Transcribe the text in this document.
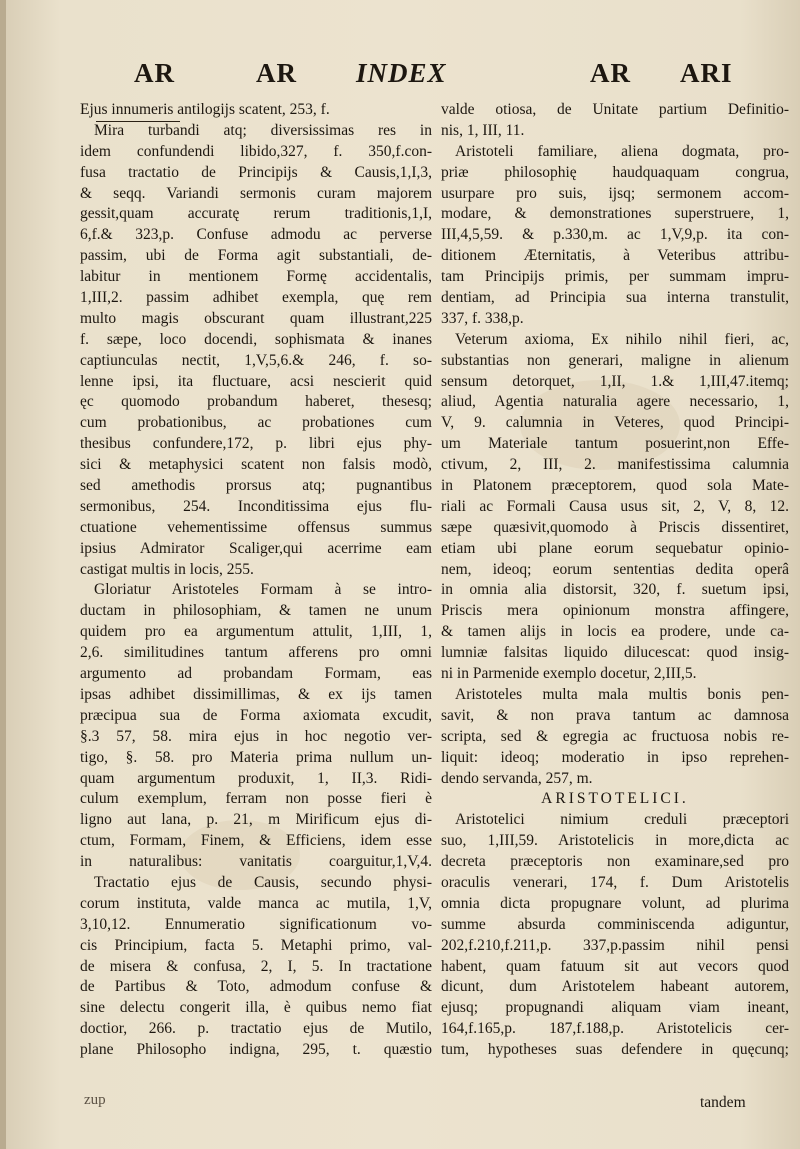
AR	AR INDEX	AR ARI
Ejus innumeris antilogijs scatent, 253, f.
Mira turbandi atq; diversissimas res in
idem confundendi libido,327, f. 350,f.con-
fusa tractatio de Principijs & Causis,1,I,3,
& seqq. Variandi sermonis curam majorem
gessit,quam accuratę rerum traditionis,1,I,
6,f.& 323,p. Confuse admodu ac perverse
passim, ubi de Forma agit substantiali, de-
labitur in mentionem Formę accidentalis,
1,III,2. passim adhibet exempla, quę rem
multo magis obscurant quam illustrant,225
f. sæpe, loco docendi, sophismata & inanes
captiunculas nectit, 1,V,5,6.& 246, f. so-
lenne ipsi, ita fluctuare, acsi nescierit quid
ęc quomodo probandum haberet, thesesq;
cum probationibus, ac probationes cum
thesibus confundere,172, p. libri ejus phy-
sici & metaphysici scatent non falsis modò,
sed amethodis prorsus atq; pugnantibus
sermonibus, 254. Inconditissima ejus flu-
ctuatione vehementissime offensus summus
ipsius Admirator Scaliger,qui acerrime eam
castigat multis in locis, 255.
Gloriatur Aristoteles Formam à se intro-
ductam in philosophiam, & tamen ne unum
quidem pro ea argumentum attulit, 1,III, 1,
2,6. similitudines tantum afferens pro omni
argumento ad probandam Formam, eas
ipsas adhibet dissimillimas, & ex ijs tamen
præcipua sua de Forma axiomata excudit,
§.3 57, 58. mira ejus in hoc negotio ver-
tigo, §. 58. pro Materia prima nullum un-
quam argumentum produxit, 1, II,3. Ridi-
culum exemplum, ferram non posse fieri è
ligno aut lana, p. 21, m Mirificum ejus di-
ctum, Formam, Finem, & Efficiens, idem esse
in naturalibus: vanitatis coarguitur,1,V,4.
Tractatio ejus de Causis, secundo physi-
corum instituta, valde manca ac mutila, 1,V,
3,10,12. Ennumeratio significationum vo-
cis Principium, facta 5. Metaphi primo, val-
de misera & confusa, 2, I, 5. In tractatione
de Partibus & Toto, admodum confuse &
sine delectu congerit illa, è quibus nemo fiat
doctior, 266. p. tractatio ejus de Mutilo,
plane Philosopho indigna, 295, t. quæstio
valde otiosa, de Unitate partium Definitio-
nis, 1, III, 11.
Aristoteli familiare, aliena dogmata, pro-
priæ philosophię haudquaquam congrua,
usurpare pro suis, ijsq; sermonem accom-
modare, & demonstrationes superstruere, 1,
III,4,5,59. & p.330,m. ac 1,V,9,p. ita con-
ditionem Æternitatis, à Veteribus attribu-
tam Principijs primis, per summam impru-
dentiam, ad Principia sua interna transtulit,
337, f. 338,p.
Veterum axioma, Ex nihilo nihil fieri, ac,
substantias non generari, maligne in alienum
sensum detorquet, 1,II, 1.& 1,III,47.itemq;
aliud, Agentia naturalia agere necessario, 1,
V, 9. calumnia in Veteres, quod Principi-
um Materiale tantum posuerint,non Effe-
ctivum, 2, III, 2. manifestissima calumnia
in Platonem præceptorem, quod sola Mate-
riali ac Formali Causa usus sit, 2, V, 8, 12.
sæpe quæsivit,quomodo à Priscis dissentiret,
etiam ubi plane eorum sequebatur opinio-
nem, ideoq; eorum sententias dedita operâ
in omnia alia distorsit, 320, f. suetum ipsi,
Priscis mera opinionum monstra affingere,
& tamen alijs in locis ea prodere, unde ca-
lumniæ falsitas liquido dilucescat: quod insig-
ni in Parmenide exemplo docetur, 2,III,5.
Aristoteles multa mala multis bonis pen-
savit, & non prava tantum ac damnosa
scripta, sed & egregia ac fructuosa nobis re-
liquit: ideoq; moderatio in ipso reprehen-
dendo servanda, 257, m.
ARISTOTELICI.
Aristotelici nimium creduli præceptori
suo, 1,III,59. Aristotelicis in more,dicta ac
decreta præceptoris non examinare,sed pro
oraculis venerari, 174, f. Dum Aristotelis
omnia dicta propugnare volunt, ad plurima
summe absurda comminiscenda adiguntur,
202,f.210,f.211,p. 337,p.passim nihil pensi
habent, quam fatuum sit aut vecors quod
dicunt, dum Aristotelem habeant autorem,
ejusq; propugnandi aliquam viam ineant,
164,f.165,p. 187,f.188,p. Aristotelicis cer-
tum, hypotheses suas defendere in quęcunq;
zup	tandem
